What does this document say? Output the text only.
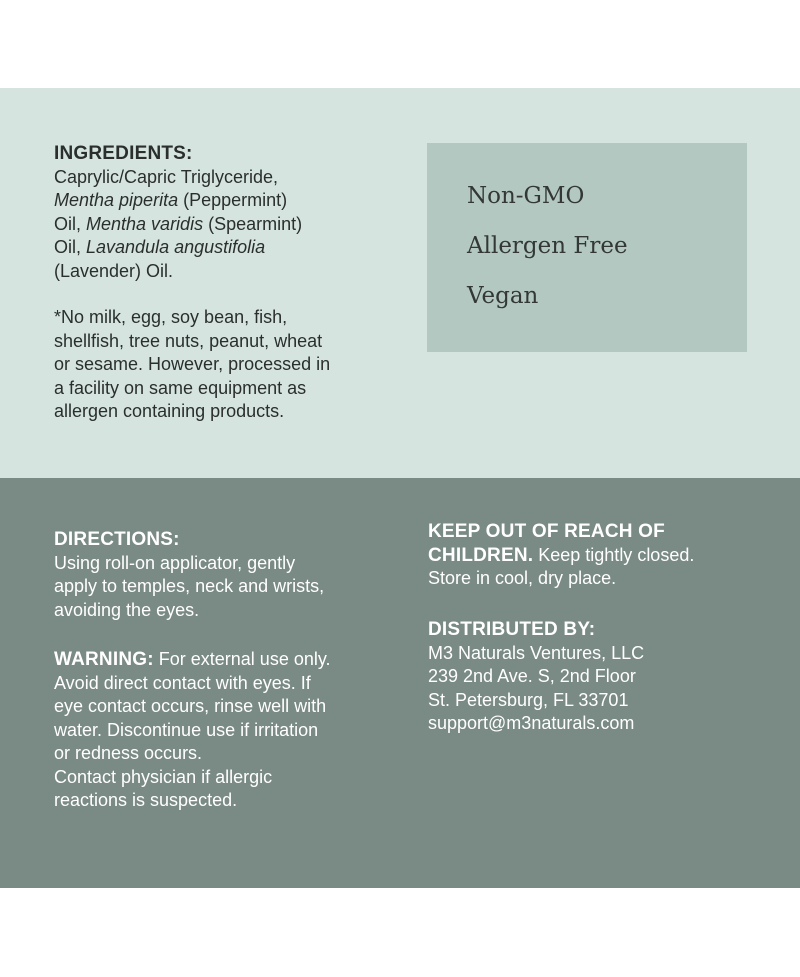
INGREDIENTS:
Caprylic/Capric Triglyceride,
Mentha piperita (Peppermint)
Oil, Mentha varidis (Spearmint)
Oil, Lavandula angustifolia
(Lavender) Oil.
*No milk, egg, soy bean, fish,
shellfish, tree nuts, peanut, wheat
or sesame. However, processed in
a facility on same equipment as
allergen containing products.
Non-GMO
Allergen Free
Vegan
DIRECTIONS:
Using roll-on applicator, gently
apply to temples, neck and wrists,
avoiding the eyes.
WARNING: For external use only.
Avoid direct contact with eyes. If
eye contact occurs, rinse well with
water. Discontinue use if irritation
or redness occurs.
Contact physician if allergic
reactions is suspected.
KEEP OUT OF REACH OF
CHILDREN. Keep tightly closed.
Store in cool, dry place.
DISTRIBUTED BY:
M3 Naturals Ventures, LLC
239 2nd Ave. S, 2nd Floor
St. Petersburg, FL 33701
support@m3naturals.com
